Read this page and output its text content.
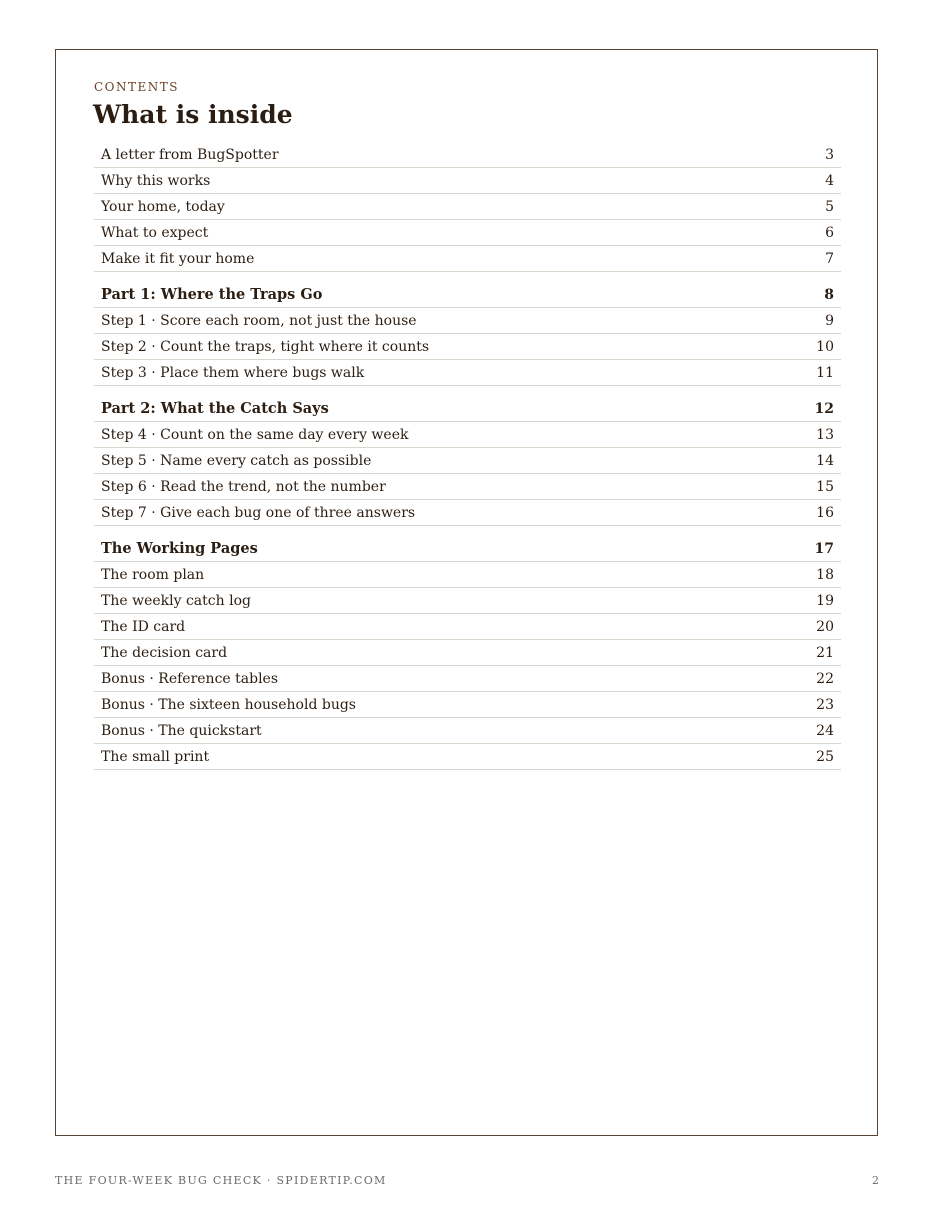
CONTENTS
What is inside
A letter from BugSpotter	3
Why this works	4
Your home, today	5
What to expect	6
Make it fit your home	7
Part 1: Where the Traps Go	8
Step 1 · Score each room, not just the house	9
Step 2 · Count the traps, tight where it counts	10
Step 3 · Place them where bugs walk	11
Part 2: What the Catch Says	12
Step 4 · Count on the same day every week	13
Step 5 · Name every catch as possible	14
Step 6 · Read the trend, not the number	15
Step 7 · Give each bug one of three answers	16
The Working Pages	17
The room plan	18
The weekly catch log	19
The ID card	20
The decision card	21
Bonus · Reference tables	22
Bonus · The sixteen household bugs	23
Bonus · The quickstart	24
The small print	25
THE FOUR-WEEK BUG CHECK · SPIDERTIP.COM	2
